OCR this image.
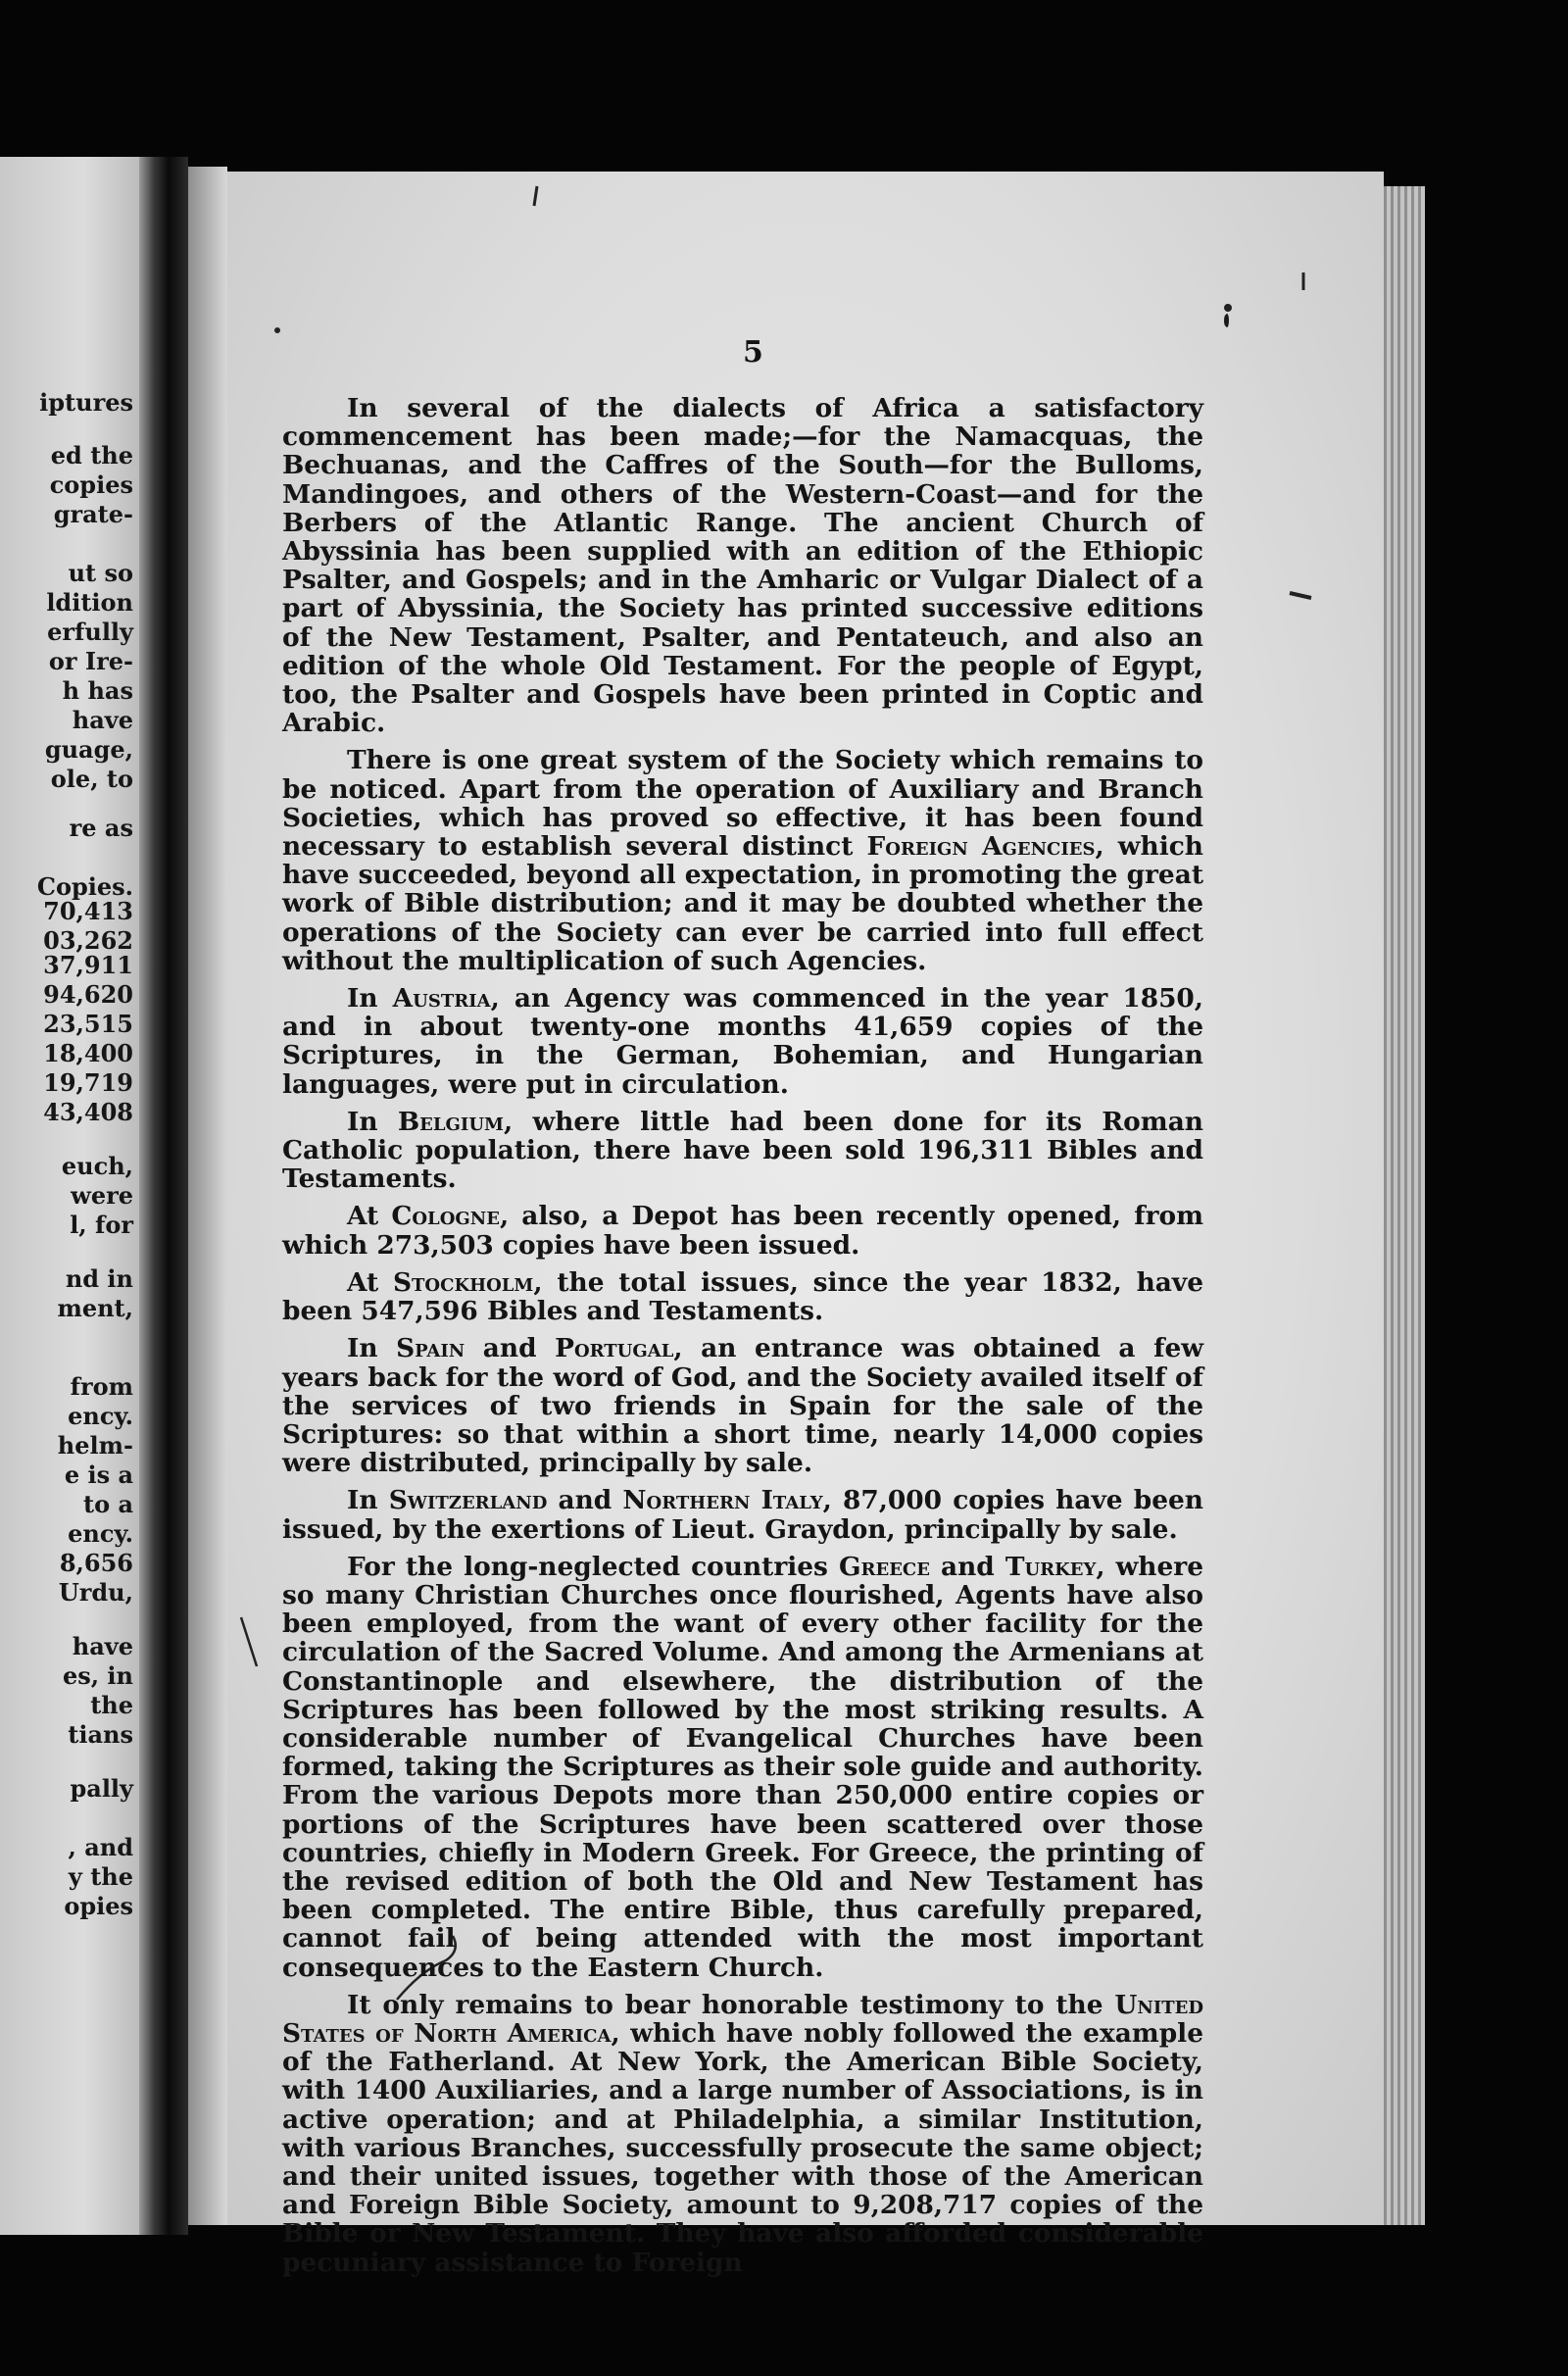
iptures

ed the

copies

grate-

ut so

ldition

erfully

or Ire-

h has

have

guage,

ole, to

re as

Copies.

70,413

03,262

37,911

94,620

23,515

18,400

19,719

43,408

euch,

were

l, for

nd in

ment,

from

ency.

helm-

e is a

to a

ency.

8,656

Urdu,

have

es, in

the

tians

pally

, and

y the

opies

5

In several of the dialects of Africa a satisfactory commencement has been made;—for the Namacquas, the Bechuanas, and the Caffres of the South—for the Bulloms, Mandingoes, and others of the Western-Coast—and for the Berbers of the Atlantic Range. The ancient Church of Abyssinia has been supplied with an edition of the Ethiopic Psalter, and Gospels; and in the Amharic or Vulgar Dialect of a part of Abyssinia, the Society has printed successive editions of the New Testament, Psalter, and Pentateuch, and also an edition of the whole Old Testament. For the people of Egypt, too, the Psalter and Gospels have been printed in Coptic and Arabic.

There is one great system of the Society which remains to be noticed. Apart from the operation of Auxiliary and Branch Societies, which has proved so effective, it has been found necessary to establish several distinct Foreign Agencies, which have succeeded, beyond all expectation, in promoting the great work of Bible distribution; and it may be doubted whether the operations of the Society can ever be carried into full effect without the multiplication of such Agencies.

In Austria, an Agency was commenced in the year 1850, and in about twenty-one months 41,659 copies of the Scriptures, in the German, Bohemian, and Hungarian languages, were put in circulation.

In Belgium, where little had been done for its Roman Catholic population, there have been sold 196,311 Bibles and Testaments.

At Cologne, also, a Depot has been recently opened, from which 273,503 copies have been issued.

At Stockholm, the total issues, since the year 1832, have been 547,596 Bibles and Testaments.

In Spain and Portugal, an entrance was obtained a few years back for the word of God, and the Society availed itself of the services of two friends in Spain for the sale of the Scriptures: so that within a short time, nearly 14,000 copies were distributed, principally by sale.

In Switzerland and Northern Italy, 87,000 copies have been issued, by the exertions of Lieut. Graydon, principally by sale.

For the long-neglected countries Greece and Turkey, where so many Christian Churches once flourished, Agents have also been employed, from the want of every other facility for the circulation of the Sacred Volume. And among the Armenians at Constantinople and elsewhere, the distribution of the Scriptures has been followed by the most striking results. A considerable number of Evangelical Churches have been formed, taking the Scriptures as their sole guide and authority. From the various Depots more than 250,000 entire copies or portions of the Scriptures have been scattered over those countries, chiefly in Modern Greek. For Greece, the printing of the revised edition of both the Old and New Testament has been completed. The entire Bible, thus carefully prepared, cannot fail of being attended with the most important consequences to the Eastern Church.

It only remains to bear honorable testimony to the United States of North America, which have nobly followed the example of the Fatherland. At New York, the American Bible Society, with 1400 Auxiliaries, and a large number of Associations, is in active operation; and at Philadelphia, a similar Institution, with various Branches, successfully prosecute the same object; and their united issues, together with those of the American and Foreign Bible Society, amount to 9,208,717 copies of the Bible or New Testament. They have also afforded considerable pecuniary assistance to Foreign
